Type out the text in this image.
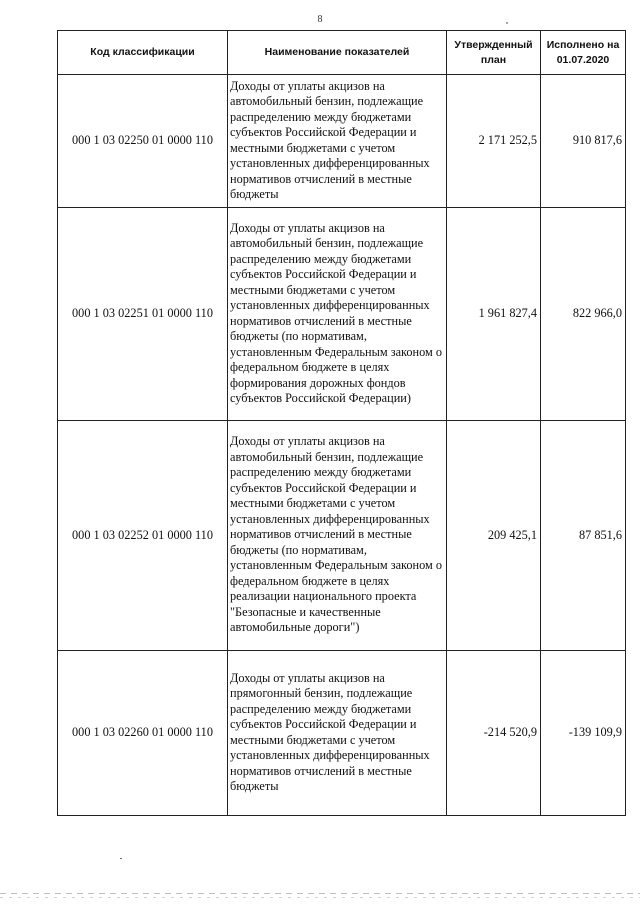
8
Код классификации	Наименование показателей	Утвержденный план	Исполнено на 01.07.2020
000 1 03 02250 01 0000 110	Доходы от уплаты акцизов на автомобильный бензин, подлежащие распределению между бюджетами субъектов Российской Федерации и местными бюджетами с учетом установленных дифференцированных нормативов отчислений в местные бюджеты	2 171 252,5	910 817,6
000 1 03 02251 01 0000 110	Доходы от уплаты акцизов на автомобильный бензин, подлежащие распределению между бюджетами субъектов Российской Федерации и местными бюджетами с учетом установленных дифференцированных нормативов отчислений в местные бюджеты (по нормативам, установленным Федеральным законом о федеральном бюджете в целях формирования дорожных фондов субъектов Российской Федерации)	1 961 827,4	822 966,0
000 1 03 02252 01 0000 110	Доходы от уплаты акцизов на автомобильный бензин, подлежащие распределению между бюджетами субъектов Российской Федерации и местными бюджетами с учетом установленных дифференцированных нормативов отчислений в местные бюджеты (по нормативам, установленным Федеральным законом о федеральном бюджете в целях реализации национального проекта "Безопасные и качественные автомобильные дороги")	209 425,1	87 851,6
000 1 03 02260 01 0000 110	Доходы от уплаты акцизов на прямогонный бензин, подлежащие распределению между бюджетами субъектов Российской Федерации и местными бюджетами с учетом установленных дифференцированных нормативов отчислений в местные бюджеты	-214 520,9	-139 109,9
